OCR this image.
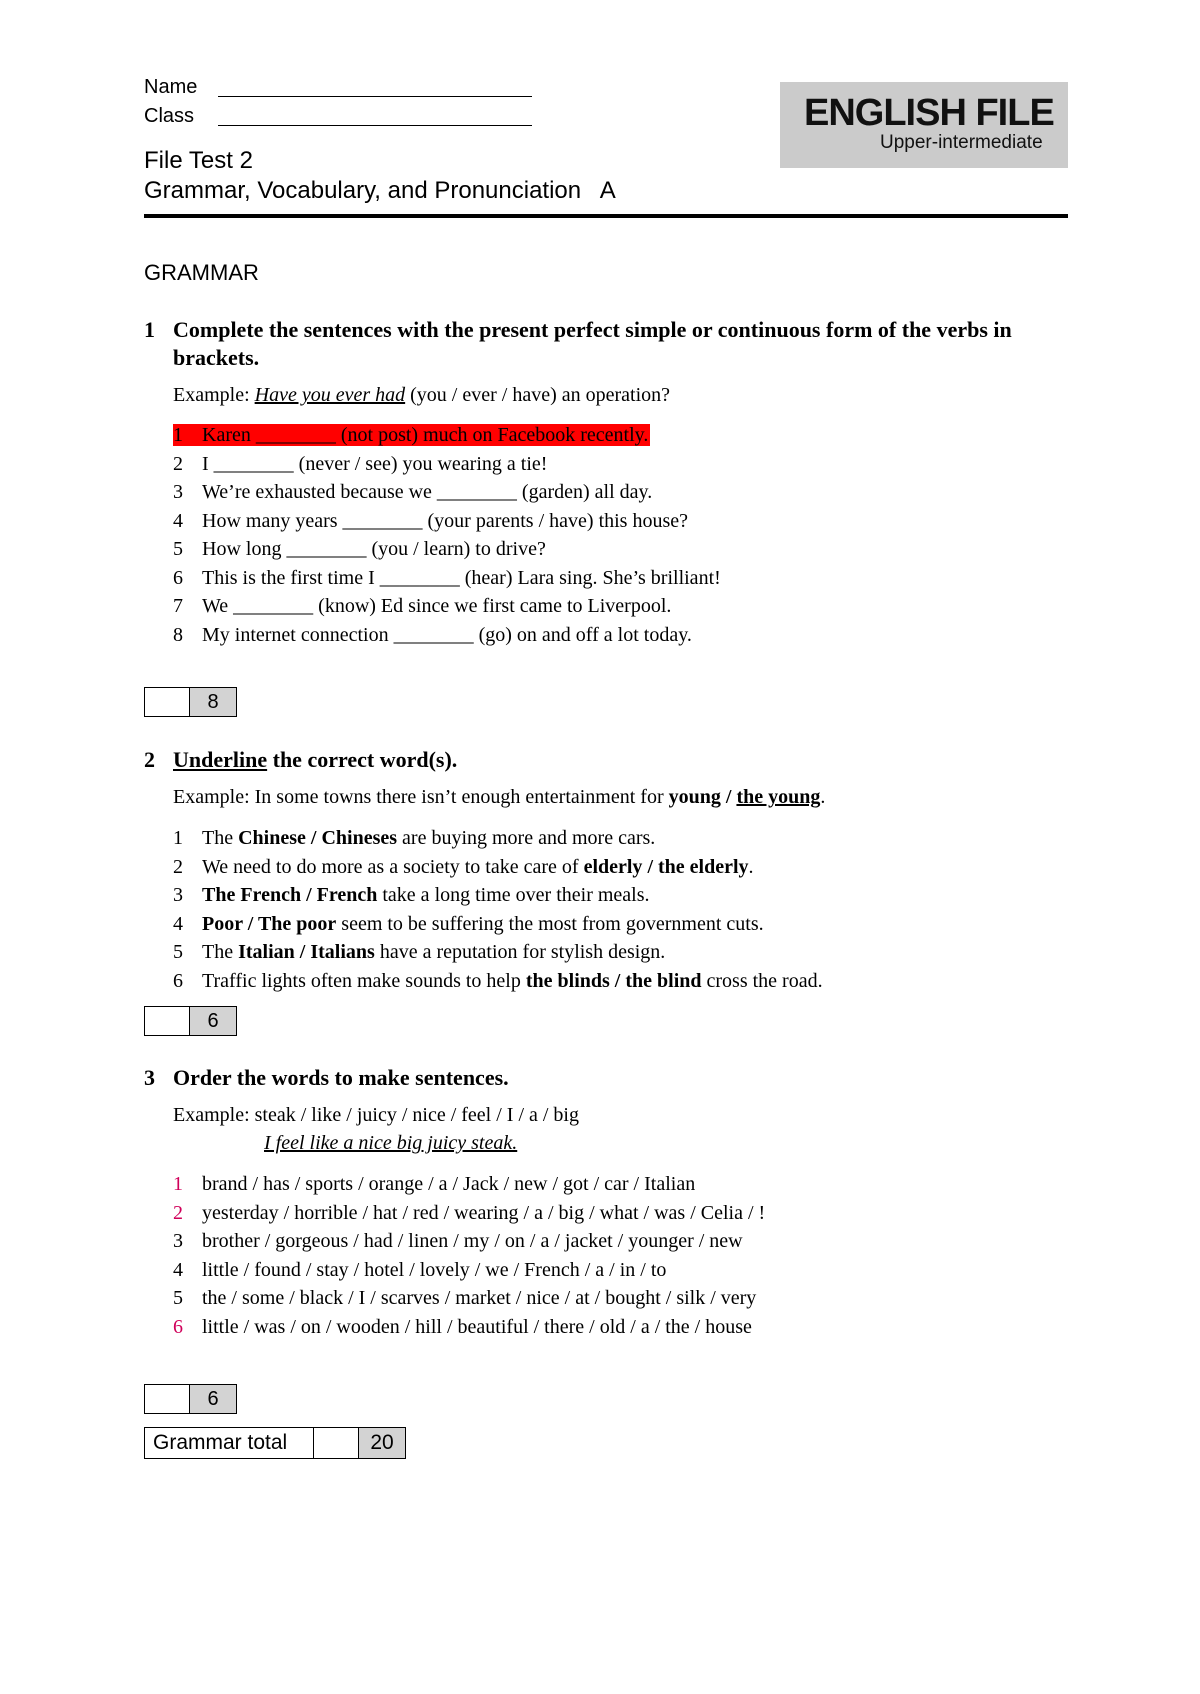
Name
Class	ENGLISH FILE
Upper-intermediate
File Test 2
Grammar, Vocabulary, and Pronunciation   A
GRAMMAR
1 Complete the sentences with the present perfect simple or continuous form of the verbs in brackets.
Example: Have you ever had (you / ever / have) an operation?
1 Karen ________ (not post) much on Facebook recently.
2 I ________ (never / see) you wearing a tie!
3 We’re exhausted because we ________ (garden) all day.
4 How many years ________ (your parents / have) this house?
5 How long ________ (you / learn) to drive?
6 This is the first time I ________ (hear) Lara sing. She’s brilliant!
7 We ________ (know) Ed since we first came to Liverpool.
8 My internet connection ________ (go) on and off a lot today.
8
2 Underline the correct word(s).
Example: In some towns there isn’t enough entertainment for young / the young.
1 The Chinese / Chineses are buying more and more cars.
2 We need to do more as a society to take care of elderly / the elderly.
3 The French / French take a long time over their meals.
4 Poor / The poor seem to be suffering the most from government cuts.
5 The Italian / Italians have a reputation for stylish design.
6 Traffic lights often make sounds to help the blinds / the blind cross the road.
6
3 Order the words to make sentences.
Example: steak / like / juicy / nice / feel / I / a / big
I feel like a nice big juicy steak.
1 brand / has / sports / orange / a / Jack / new / got / car / Italian
2 yesterday / horrible / hat / red / wearing / a / big / what / was / Celia / !
3 brother / gorgeous / had / linen / my / on / a / jacket / younger / new
4 little / found / stay / hotel / lovely / we / French / a / in / to
5 the / some / black / I / scarves / market / nice / at / bought / silk / very
6 little / was / on / wooden / hill / beautiful / there / old / a / the / house
6
Grammar total	20
